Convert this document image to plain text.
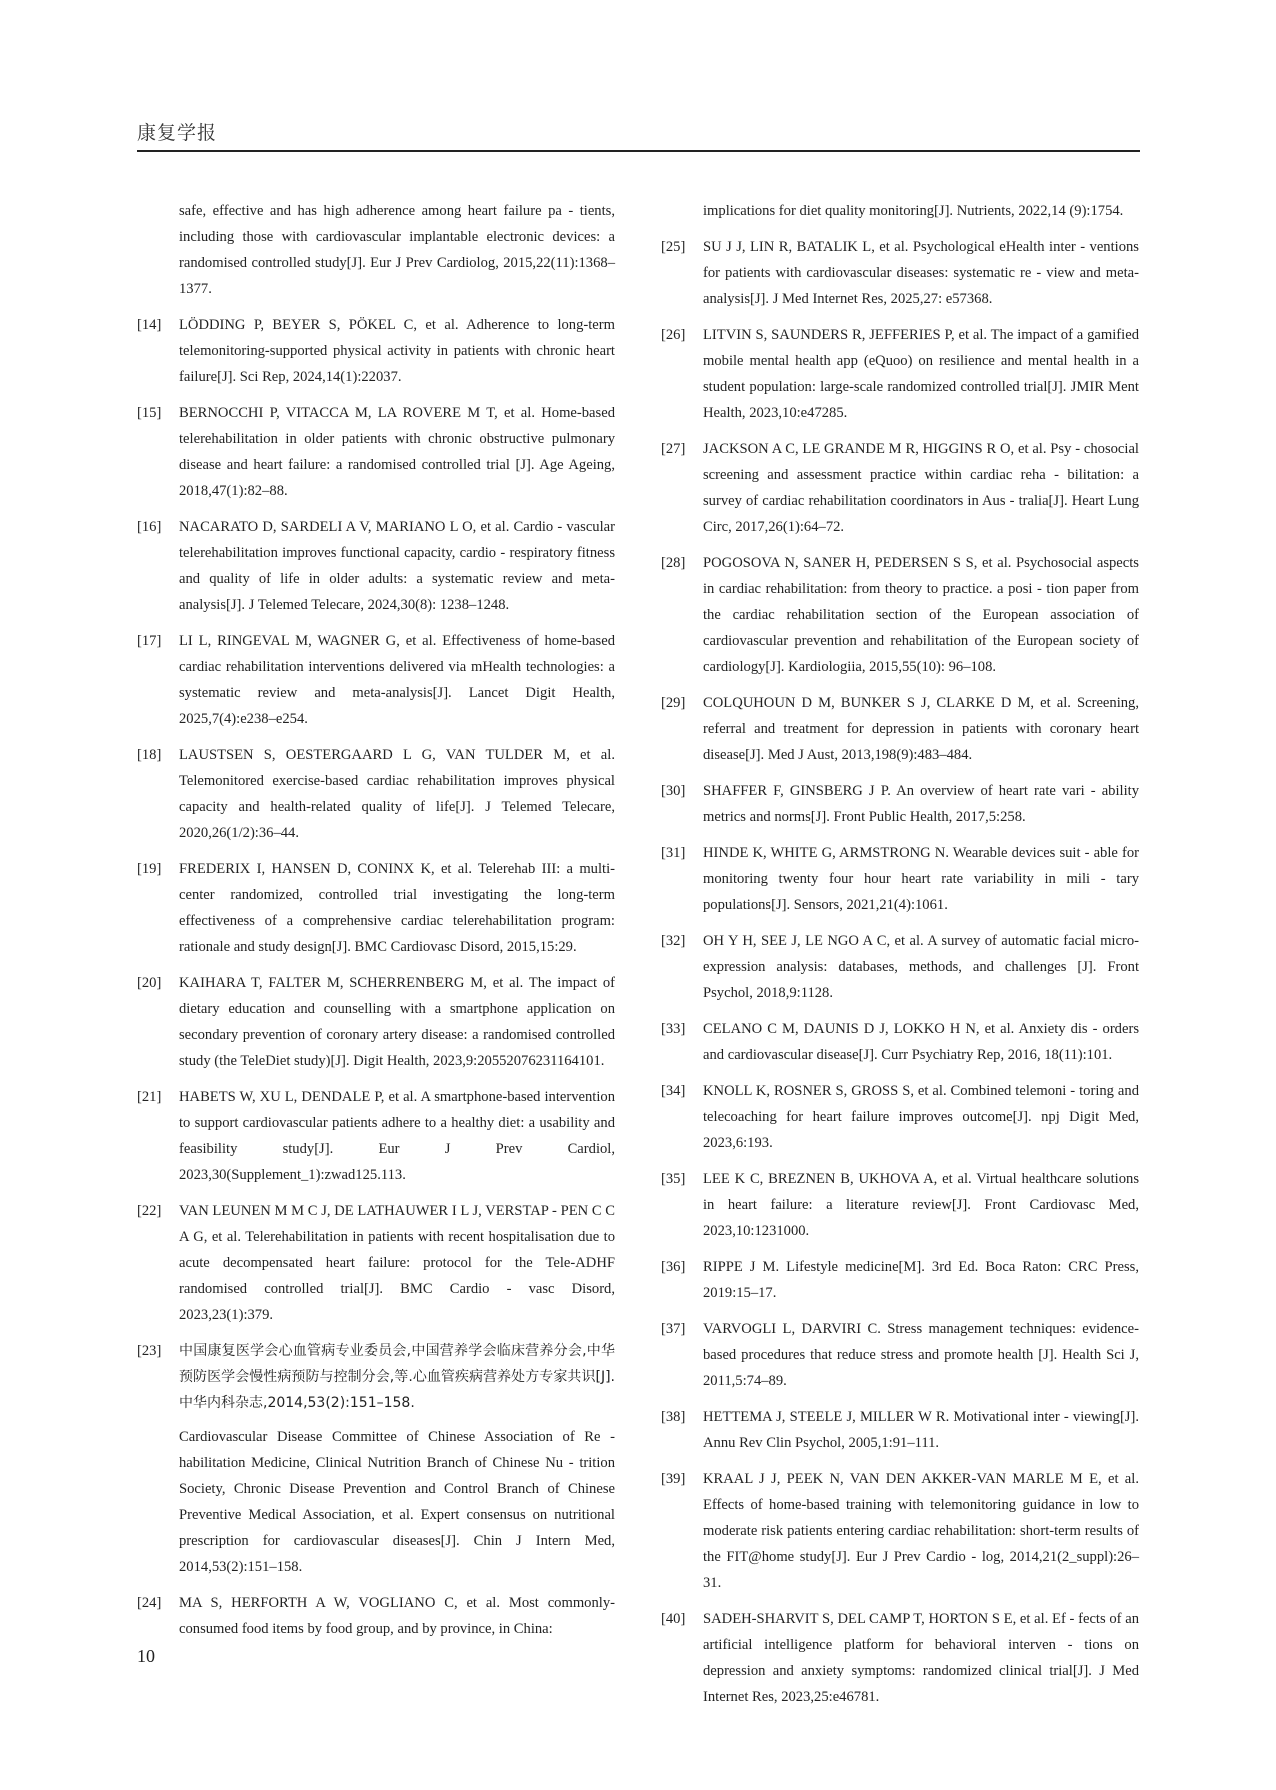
康复学报
safe, effective and has high adherence among heart failure pa - tients, including those with cardiovascular implantable electronic devices: a randomised controlled study[J]. Eur J Prev Cardiolog, 2015,22(11):1368–1377.
[14] LÖDDING P, BEYER S, PÖKEL C, et al. Adherence to long-term telemonitoring-supported physical activity in patients with chronic heart failure[J]. Sci Rep, 2024,14(1):22037.
[15] BERNOCCHI P, VITACCA M, LA ROVERE M T, et al. Home-based telerehabilitation in older patients with chronic obstructive pulmonary disease and heart failure: a randomised controlled trial [J]. Age Ageing, 2018,47(1):82–88.
[16] NACARATO D, SARDELI A V, MARIANO L O, et al. Cardio - vascular telerehabilitation improves functional capacity, cardio - respiratory fitness and quality of life in older adults: a systematic review and meta-analysis[J]. J Telemed Telecare, 2024,30(8): 1238–1248.
[17] LI L, RINGEVAL M, WAGNER G, et al. Effectiveness of home-based cardiac rehabilitation interventions delivered via mHealth technologies: a systematic review and meta-analysis[J]. Lancet Digit Health, 2025,7(4):e238–e254.
[18] LAUSTSEN S, OESTERGAARD L G, VAN TULDER M, et al. Telemonitored exercise-based cardiac rehabilitation improves physical capacity and health-related quality of life[J]. J Telemed Telecare, 2020,26(1/2):36–44.
[19] FREDERIX I, HANSEN D, CONINX K, et al. Telerehab III: a multi-center randomized, controlled trial investigating the long-term effectiveness of a comprehensive cardiac telerehabilitation program: rationale and study design[J]. BMC Cardiovasc Disord, 2015,15:29.
[20] KAIHARA T, FALTER M, SCHERRENBERG M, et al. The impact of dietary education and counselling with a smartphone application on secondary prevention of coronary artery disease: a randomised controlled study (the TeleDiet study)[J]. Digit Health, 2023,9:20552076231164101.
[21] HABETS W, XU L, DENDALE P, et al. A smartphone-based intervention to support cardiovascular patients adhere to a healthy diet: a usability and feasibility study[J]. Eur J Prev Cardiol, 2023,30(Supplement_1):zwad125.113.
[22] VAN LEUNEN M M C J, DE LATHAUWER I L J, VERSTAP - PEN C C A G, et al. Telerehabilitation in patients with recent hospitalisation due to acute decompensated heart failure: protocol for the Tele-ADHF randomised controlled trial[J]. BMC Cardio - vasc Disord, 2023,23(1):379.
[23] 中国康复医学会心血管病专业委员会,中国营养学会临床营养分会,中华预防医学会慢性病预防与控制分会,等.心血管疾病营养处方专家共识[J].中华内科杂志,2014,53(2):151–158.
Cardiovascular Disease Committee of Chinese Association of Re - habilitation Medicine, Clinical Nutrition Branch of Chinese Nu - trition Society, Chronic Disease Prevention and Control Branch of Chinese Preventive Medical Association, et al. Expert consensus on nutritional prescription for cardiovascular diseases[J]. Chin J Intern Med, 2014,53(2):151–158.
[24] MA S, HERFORTH A W, VOGLIANO C, et al. Most commonly-consumed food items by food group, and by province, in China:
implications for diet quality monitoring[J]. Nutrients, 2022,14 (9):1754.
[25] SU J J, LIN R, BATALIK L, et al. Psychological eHealth inter - ventions for patients with cardiovascular diseases: systematic re - view and meta-analysis[J]. J Med Internet Res, 2025,27: e57368.
[26] LITVIN S, SAUNDERS R, JEFFERIES P, et al. The impact of a gamified mobile mental health app (eQuoo) on resilience and mental health in a student population: large-scale randomized controlled trial[J]. JMIR Ment Health, 2023,10:e47285.
[27] JACKSON A C, LE GRANDE M R, HIGGINS R O, et al. Psy - chosocial screening and assessment practice within cardiac reha - bilitation: a survey of cardiac rehabilitation coordinators in Aus - tralia[J]. Heart Lung Circ, 2017,26(1):64–72.
[28] POGOSOVA N, SANER H, PEDERSEN S S, et al. Psychosocial aspects in cardiac rehabilitation: from theory to practice. a posi - tion paper from the cardiac rehabilitation section of the European association of cardiovascular prevention and rehabilitation of the European society of cardiology[J]. Kardiologiia, 2015,55(10): 96–108.
[29] COLQUHOUN D M, BUNKER S J, CLARKE D M, et al. Screening, referral and treatment for depression in patients with coronary heart disease[J]. Med J Aust, 2013,198(9):483–484.
[30] SHAFFER F, GINSBERG J P. An overview of heart rate vari - ability metrics and norms[J]. Front Public Health, 2017,5:258.
[31] HINDE K, WHITE G, ARMSTRONG N. Wearable devices suit - able for monitoring twenty four hour heart rate variability in mili - tary populations[J]. Sensors, 2021,21(4):1061.
[32] OH Y H, SEE J, LE NGO A C, et al. A survey of automatic facial micro-expression analysis: databases, methods, and challenges [J]. Front Psychol, 2018,9:1128.
[33] CELANO C M, DAUNIS D J, LOKKO H N, et al. Anxiety dis - orders and cardiovascular disease[J]. Curr Psychiatry Rep, 2016, 18(11):101.
[34] KNOLL K, ROSNER S, GROSS S, et al. Combined telemoni - toring and telecoaching for heart failure improves outcome[J]. npj Digit Med, 2023,6:193.
[35] LEE K C, BREZNEN B, UKHOVA A, et al. Virtual healthcare solutions in heart failure: a literature review[J]. Front Cardiovasc Med, 2023,10:1231000.
[36] RIPPE J M. Lifestyle medicine[M]. 3rd Ed. Boca Raton: CRC Press, 2019:15–17.
[37] VARVOGLI L, DARVIRI C. Stress management techniques: evidence-based procedures that reduce stress and promote health [J]. Health Sci J, 2011,5:74–89.
[38] HETTEMA J, STEELE J, MILLER W R. Motivational inter - viewing[J]. Annu Rev Clin Psychol, 2005,1:91–111.
[39] KRAAL J J, PEEK N, VAN DEN AKKER-VAN MARLE M E, et al. Effects of home-based training with telemonitoring guidance in low to moderate risk patients entering cardiac rehabilitation: short-term results of the FIT@home study[J]. Eur J Prev Cardio - log, 2014,21(2_suppl):26–31.
[40] SADEH-SHARVIT S, DEL CAMP T, HORTON S E, et al. Ef - fects of an artificial intelligence platform for behavioral interven - tions on depression and anxiety symptoms: randomized clinical trial[J]. J Med Internet Res, 2023,25:e46781.
10
